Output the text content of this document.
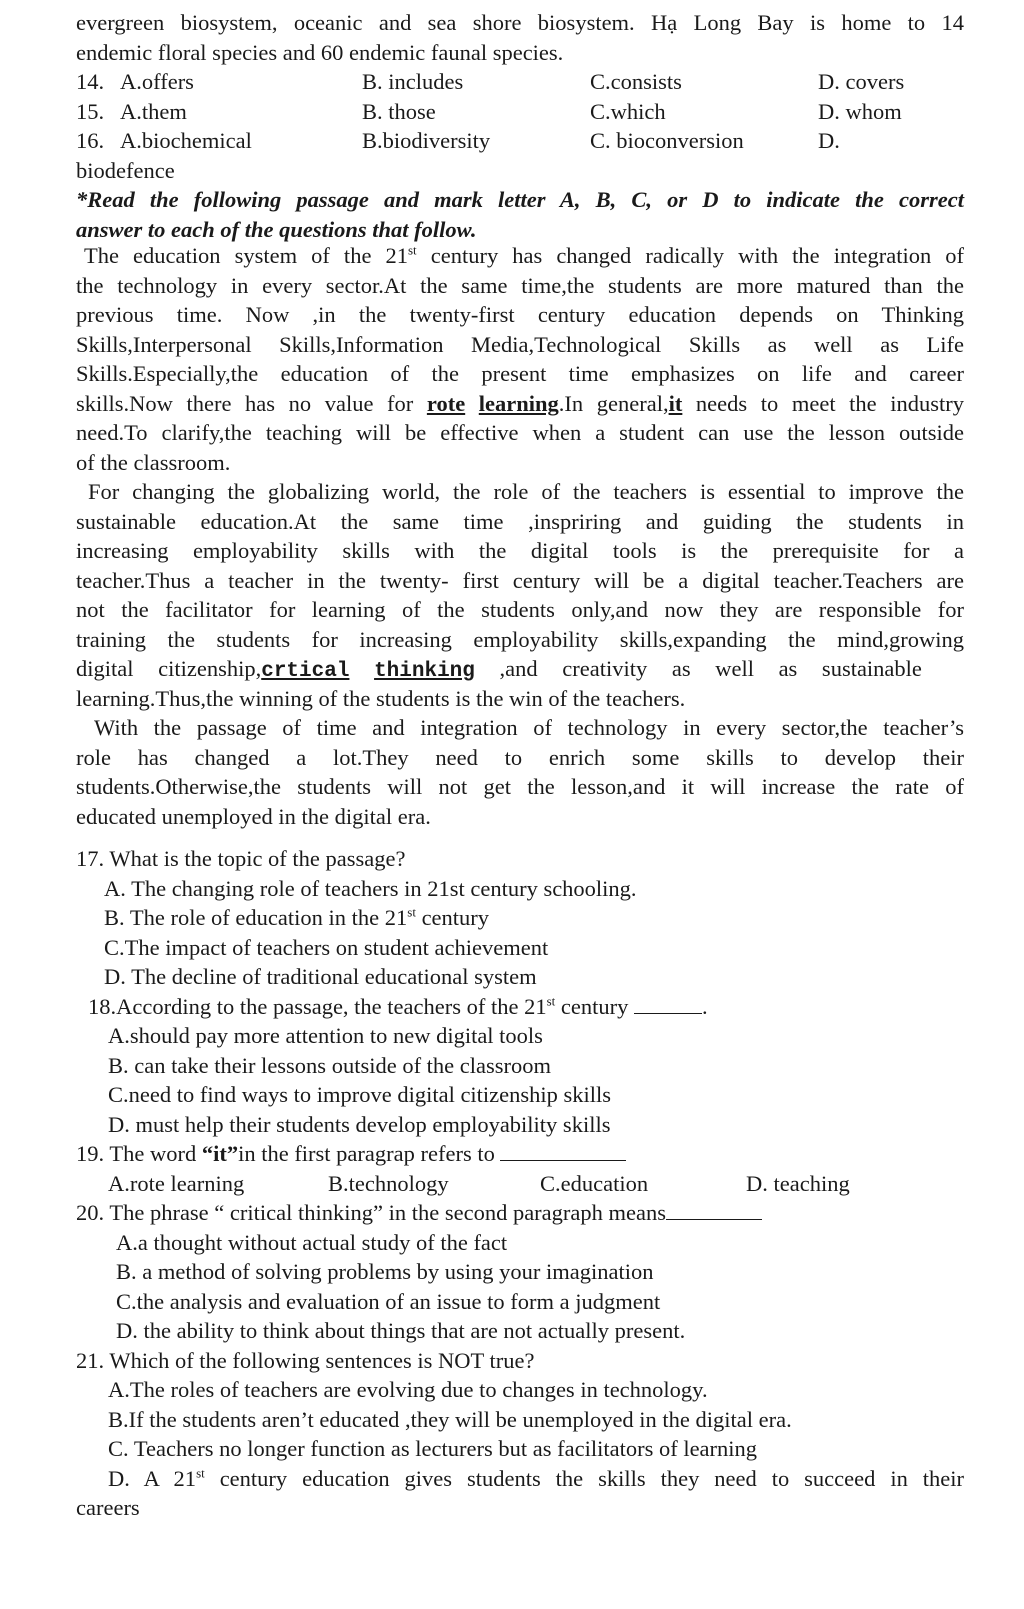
evergreen biosystem, oceanic and sea shore biosystem. Hạ Long Bay is home to 14
endemic floral species and 60 endemic faunal species.
14. A.offers	B. includes	C.consists	D. covers
15. A.them	B. those	C.which	D. whom
16. A.biochemical	B.biodiversity	C. bioconversion	D.
biodefence
*Read the following passage and mark letter A, B, C, or D to indicate the correct
answer to each of the questions that follow.
The education system of the 21st century has changed radically with the integration of
the technology in every sector.At the same time,the students are more matured than the
previous time. Now ,in the twenty-first century education depends on Thinking
Skills,Interpersonal Skills,Information Media,Technological Skills as well as Life
Skills.Especially,the education of the present time emphasizes on life and career
skills.Now there has no value for rote learning.In general,it needs to meet the industry
need.To clarify,the teaching will be effective when a student can use the lesson outside
of the classroom.
For changing the globalizing world, the role of the teachers is essential to improve the
sustainable education.At the same time ,inspriring and guiding the students in
increasing employability skills with the digital tools is the prerequisite for a
teacher.Thus a teacher in the twenty- first century will be a digital teacher.Teachers are
not the facilitator for learning of the students only,and now they are responsible for
training the students for increasing employability skills,expanding the mind,growing
digital citizenship,crtical thinking ,and creativity as well as sustainable
learning.Thus,the winning of the students is the win of the teachers.
With the passage of time and integration of technology in every sector,the teacher’s
role has changed a lot.They need to enrich some skills to develop their
students.Otherwise,the students will not get the lesson,and it will increase the rate of
educated unemployed in the digital era.
17. What is the topic of the passage?
A. The changing role of teachers in 21st century schooling.
B. The role of education in the 21st century
C.The impact of teachers on student achievement
D. The decline of traditional educational system
18.According to the passage, the teachers of the 21st century	.
A.should pay more attention to new digital tools
B. can take their lessons outside of the classroom
C.need to find ways to improve digital citizenship skills
D. must help their students develop employability skills
19. The word “it”in the first paragrap refers to
A.rote learning	B.technology	C.education	D. teaching
20. The phrase “ critical thinking” in the second paragraph means
A.a thought without actual study of the fact
B. a method of solving problems by using your imagination
C.the analysis and evaluation of an issue to form a judgment
D. the ability to think about things that are not actually present.
21. Which of the following sentences is NOT true?
A.The roles of teachers are evolving due to changes in technology.
B.If the students aren’t educated ,they will be unemployed in the digital era.
C. Teachers no longer function as lecturers but as facilitators of learning
D. A 21st century education gives students the skills they need to succeed in their
careers
